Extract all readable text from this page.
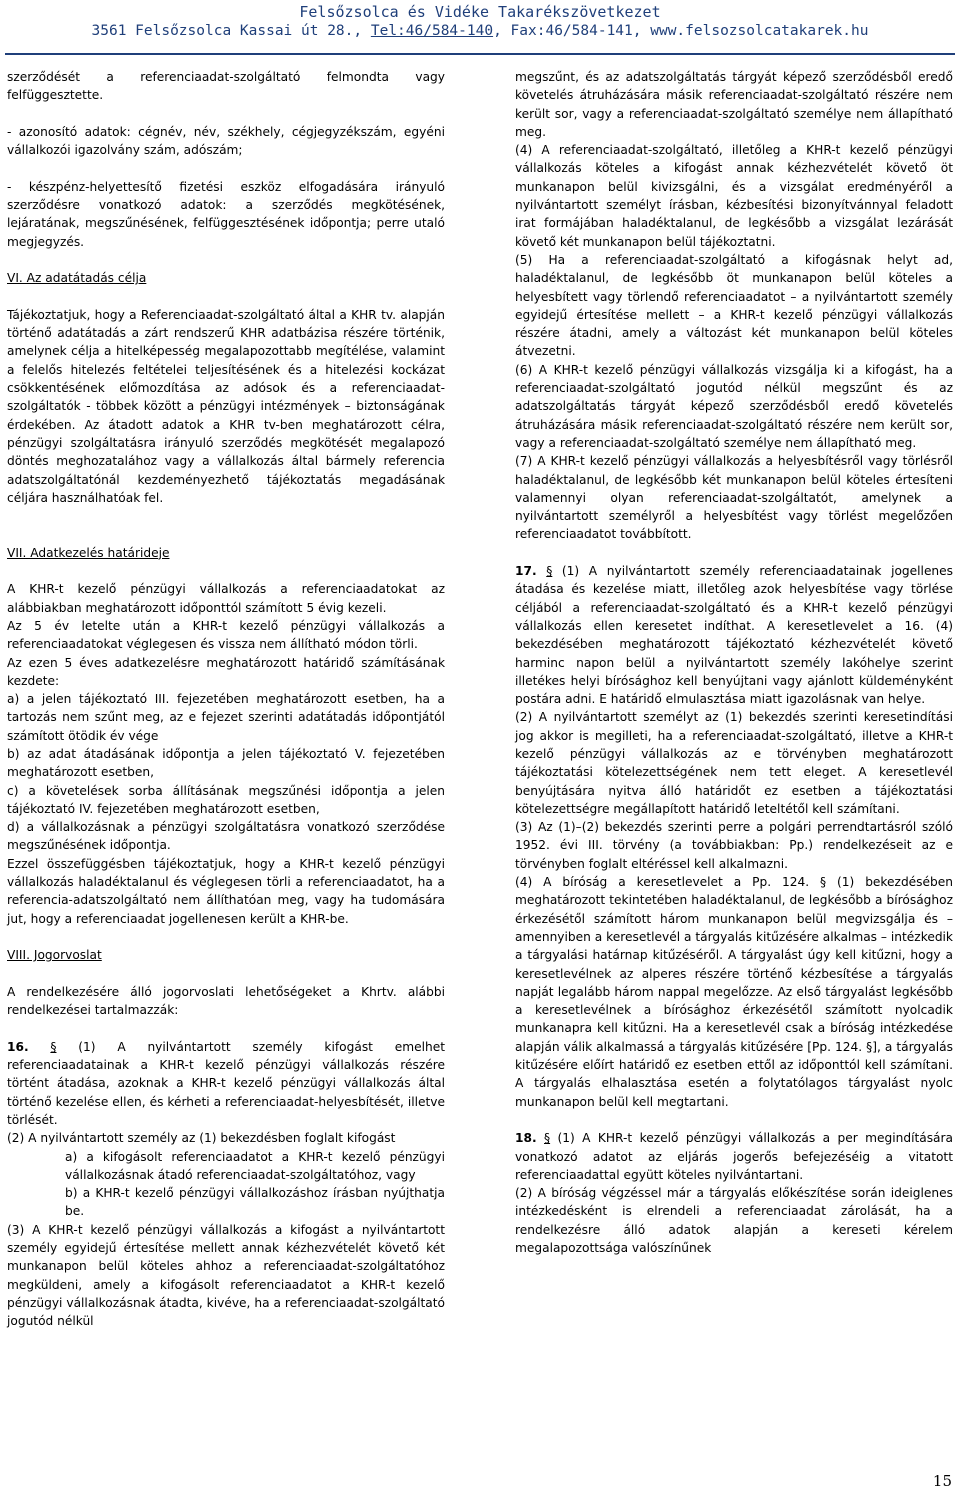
Felsőzsolca és Vidéke Takarékszövetkezet
3561 Felsőzsolca Kassai út 28., Tel:46/584-140, Fax:46/584-141, www.felsozsolcatakarek.hu

szerződését a referenciaadat-szolgáltató felmondta vagy felfüggesztette.

- azonosító adatok: cégnév, név, székhely, cégjegyzékszám, egyéni vállalkozói igazolvány szám, adószám;

- készpénz-helyettesítő fizetési eszköz elfogadására irányuló szerződésre vonatkozó adatok: a szerződés megkötésének, lejáratának, megszűnésének, felfüggesztésének időpontja; perre utaló megjegyzés.

VI. Az adatátadás célja

Tájékoztatjuk, hogy a Referenciaadat-szolgáltató által a KHR tv. alapján történő adatátadás a zárt rendszerű KHR adatbázisa részére történik, amelynek célja a hitelképesség megalapozottabb megítélése, valamint a felelős hitelezés feltételei teljesítésének és a hitelezési kockázat csökkentésének előmozdítása az adósok és a referenciaadat-szolgáltatók - többek között a pénzügyi intézmények – biztonságának érdekében. Az átadott adatok a KHR tv-ben meghatározott célra, pénzügyi szolgáltatásra irányuló szerződés megkötését megalapozó döntés meghozatalához vagy a vállalkozás által bármely referencia adatszolgáltatónál kezdeményezhető tájékoztatás megadásának céljára használhatóak fel.

VII. Adatkezelés határideje

A KHR-t kezelő pénzügyi vállalkozás a referenciaadatokat az alábbiakban meghatározott időponttól számított 5 évig kezeli.

Az 5 év letelte után a KHR-t kezelő pénzügyi vállalkozás a referenciaadatokat véglegesen és vissza nem állítható módon törli.

Az ezen 5 éves adatkezelésre meghatározott határidő számításának kezdete:

a) a jelen tájékoztató III. fejezetében meghatározott esetben, ha a tartozás nem szűnt meg, az e fejezet szerinti adatátadás időpontjától számított ötödik év vége

b) az adat átadásának időpontja a jelen tájékoztató V. fejezetében meghatározott esetben,

c) a követelések sorba állításának megszűnési időpontja a jelen tájékoztató IV. fejezetében meghatározott esetben,

d) a vállalkozásnak a pénzügyi szolgáltatásra vonatkozó szerződése megszűnésének időpontja.

Ezzel összefüggésben tájékoztatjuk, hogy a KHR-t kezelő pénzügyi vállalkozás haladéktalanul és véglegesen törli a referenciaadatot, ha a referencia-adatszolgáltató nem állíthatóan meg, vagy ha tudomására jut, hogy a referenciaadat jogellenesen került a KHR-be.

VIII. Jogorvoslat

A rendelkezésére álló jogorvoslati lehetőségeket a Khrtv. alábbi rendelkezései tartalmazzák:

16. § (1) A nyilvántartott személy kifogást emelhet referenciaadatainak a KHR-t kezelő pénzügyi vállalkozás részére történt átadása, azoknak a KHR-t kezelő pénzügyi vállalkozás által történő kezelése ellen, és kérheti a referenciaadat-helyesbítését, illetve törlését.

(2) A nyilvántartott személy az (1) bekezdésben foglalt kifogást

a) a kifogásolt referenciaadatot a KHR-t kezelő pénzügyi vállalkozásnak átadó referenciaadat-szolgáltatóhoz, vagy

b) a KHR-t kezelő pénzügyi vállalkozáshoz írásban nyújthatja be.

(3) A KHR-t kezelő pénzügyi vállalkozás a kifogást a nyilvántartott személy egyidejű értesítése mellett annak kézhezvételét követő két munkanapon belül köteles ahhoz a referenciaadat-szolgáltatóhoz megküldeni, amely a kifogásolt referenciaadatot a KHR-t kezelő pénzügyi vállalkozásnak átadta, kivéve, ha a referenciaadat-szolgáltató jogutód nélkül

megszűnt, és az adatszolgáltatás tárgyát képező szerződésből eredő követelés átruházására másik referenciaadat-szolgáltató részére nem került sor, vagy a referenciaadat-szolgáltató személye nem állapítható meg.

(4) A referenciaadat-szolgáltató, illetőleg a KHR-t kezelő pénzügyi vállalkozás köteles a kifogást annak kézhezvételét követő öt munkanapon belül kivizsgálni, és a vizsgálat eredményéről a nyilvántartott személyt írásban, kézbesítési bizonyítvánnyal feladott irat formájában haladéktalanul, de legkésőbb a vizsgálat lezárását követő két munkanapon belül tájékoztatni.

(5) Ha a referenciaadat-szolgáltató a kifogásnak helyt ad, haladéktalanul, de legkésőbb öt munkanapon belül köteles a helyesbített vagy törlendő referenciaadatot – a nyilvántartott személy egyidejű értesítése mellett – a KHR-t kezelő pénzügyi vállalkozás részére átadni, amely a változást két munkanapon belül köteles átvezetni.

(6) A KHR-t kezelő pénzügyi vállalkozás vizsgálja ki a kifogást, ha a referenciaadat-szolgáltató jogutód nélkül megszűnt és az adatszolgáltatás tárgyát képező szerződésből eredő követelés átruházására másik referenciaadat-szolgáltató részére nem került sor, vagy a referenciaadat-szolgáltató személye nem állapítható meg.

(7) A KHR-t kezelő pénzügyi vállalkozás a helyesbítésről vagy törlésről haladéktalanul, de legkésőbb két munkanapon belül köteles értesíteni valamennyi olyan referenciaadat-szolgáltatót, amelynek a nyilvántartott személyről a helyesbítést vagy törlést megelőzően referenciaadatot továbbított.

17. § (1) A nyilvántartott személy referenciaadatainak jogellenes átadása és kezelése miatt, illetőleg azok helyesbítése vagy törlése céljából a referenciaadat-szolgáltató és a KHR-t kezelő pénzügyi vállalkozás ellen keresetet indíthat. A keresetlevelet a 16. (4) bekezdésében meghatározott tájékoztató kézhezvételét követő harminc napon belül a nyilvántartott személy lakóhelye szerint illetékes helyi bírósághoz kell benyújtani vagy ajánlott küldeményként postára adni. E határidő elmulasztása miatt igazolásnak van helye.

(2) A nyilvántartott személyt az (1) bekezdés szerinti keresetindítási jog akkor is megilleti, ha a referenciaadat-szolgáltató, illetve a KHR-t kezelő pénzügyi vállalkozás az e törvényben meghatározott tájékoztatási kötelezettségének nem tett eleget. A keresetlevél benyújtására nyitva álló határidőt ez esetben a tájékoztatási kötelezettségre megállapított határidő leteltétől kell számítani.

(3) Az (1)–(2) bekezdés szerinti perre a polgári perrendtartásról szóló 1952. évi III. törvény (a továbbiakban: Pp.) rendelkezéseit az e törvényben foglalt eltéréssel kell alkalmazni.

(4) A bíróság a keresetlevelet a Pp. 124. § (1) bekezdésében meghatározott tekintetében haladéktalanul, de legkésőbb a bírósághoz érkezésétől számított három munkanapon belül megvizsgálja és – amennyiben a keresetlevél a tárgyalás kitűzésére alkalmas – intézkedik a tárgyalási határnap kitűzéséről. A tárgyalást úgy kell kitűzni, hogy a keresetlevélnek az alperes részére történő kézbesítése a tárgyalás napját legalább három nappal megelőzze. Az első tárgyalást legkésőbb a keresetlevélnek a bírósághoz érkezésétől számított nyolcadik munkanapra kell kitűzni. Ha a keresetlevél csak a bíróság intézkedése alapján válik alkalmassá a tárgyalás kitűzésére [Pp. 124. §], a tárgyalás kitűzésére előírt határidő ez esetben ettől az időponttól kell számítani. A tárgyalás elhalasztása esetén a folytatólagos tárgyalást nyolc munkanapon belül kell megtartani.

18. § (1) A KHR-t kezelő pénzügyi vállalkozás a per megindítására vonatkozó adatot az eljárás jogerős befejezéséig a vitatott referenciaadattal együtt köteles nyilvántartani.

(2) A bíróság végzéssel már a tárgyalás előkészítése során ideiglenes intézkedésként is elrendeli a referenciaadat zárolását, ha a rendelkezésre álló adatok alapján a kereseti kérelem megalapozottsága valószínűnek

15
